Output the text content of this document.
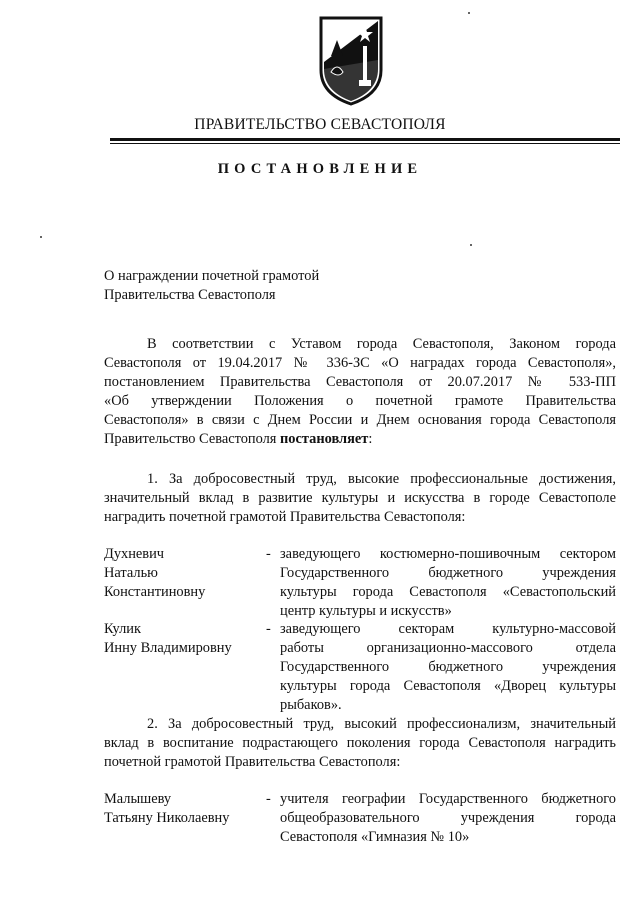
ПРАВИТЕЛЬСТВО СЕВАСТОПОЛЯ
ПОСТАНОВЛЕНИЕ
О награждении почетной грамотой
Правительства Севастополя
В соответствии с Уставом города Севастополя, Законом города
Севастополя от 19.04.2017 № 336-ЗС «О наградах города Севастополя»,
постановлением Правительства Севастополя от 20.07.2017 № 533-ПП
«Об утверждении Положения о почетной грамоте Правительства
Севастополя» в связи с Днем России и Днем основания города Севастополя
Правительство Севастополя постановляет:
1. За добросовестный труд, высокие профессиональные достижения,
значительный вклад в развитие культуры и искусства в городе Севастополе
наградить почетной грамотой Правительства Севастополя:
Духневич
Наталью
Константиновну
- заведующего костюмерно-пошивочным сектором
Государственного бюджетного учреждения
культуры города Севастополя «Севастопольский
центр культуры и искусств»
Кулик
Инну Владимировну
- заведующего секторам культурно-массовой
работы организационно-массового отдела
Государственного бюджетного учреждения
культуры города Севастополя «Дворец культуры
рыбаков».
2. За добросовестный труд, высокий профессионализм, значительный
вклад в воспитание подрастающего поколения города Севастополя наградить
почетной грамотой Правительства Севастополя:
Малышеву
Татьяну Николаевну
- учителя географии Государственного бюджетного
общеобразовательного учреждения города
Севастополя «Гимназия № 10»
